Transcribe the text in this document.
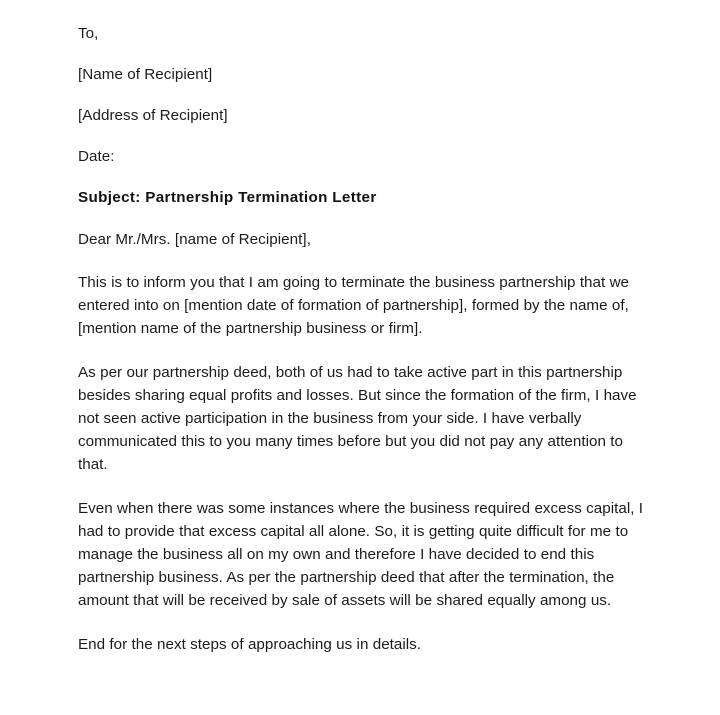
To,

[Name of Recipient]

[Address of Recipient]

Date:

Subject: Partnership Termination Letter

Dear Mr./Mrs. [name of Recipient],

This is to inform you that I am going to terminate the business partnership that we entered into on [mention date of formation of partnership], formed by the name of, [mention name of the partnership business or firm].

As per our partnership deed, both of us had to take active part in this partnership besides sharing equal profits and losses. But since the formation of the firm, I have not seen active participation in the business from your side. I have verbally communicated this to you many times before but you did not pay any attention to that.

Even when there was some instances where the business required excess capital, I had to provide that excess capital all alone. So, it is getting quite difficult for me to manage the business all on my own and therefore I have decided to end this partnership business. As per the partnership deed that after the termination, the amount that will be received by sale of assets will be shared equally among us.

End for the next steps of approaching us in details.
